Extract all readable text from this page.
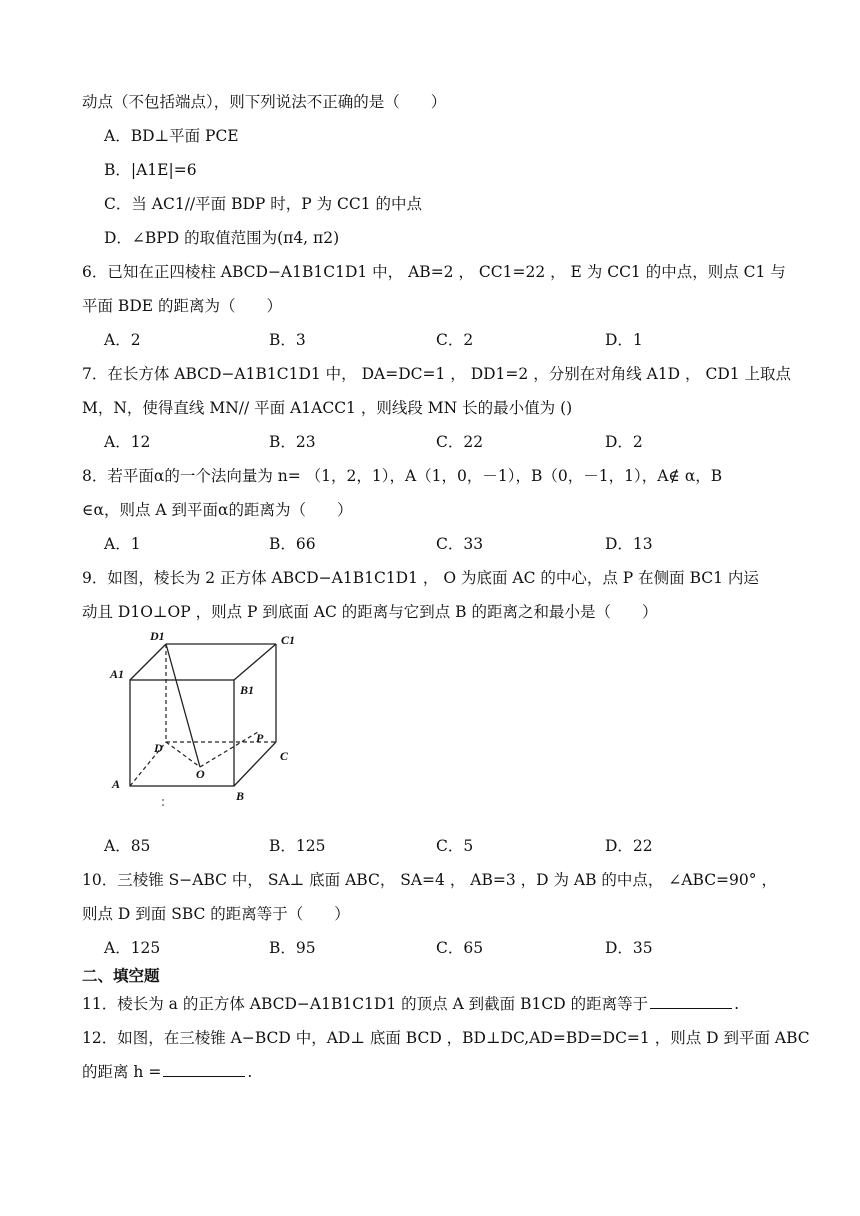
动点（不包括端点），则下列说法不正确的是（　　）
A．BD⊥平面 PCE
B．|A1E|=6
C．当 AC1//平面 BDP 时，P 为 CC1 的中点
D．∠BPD 的取值范围为(π4, π2)
6．已知在正四棱柱 ABCD−A1B1C1D1 中， AB=2 ， CC1=22 ， E 为 CC1 的中点，则点 C1 与
平面 BDE 的距离为（　　）
A．2	B．3	C．2	D．1
7．在长方体 ABCD−A1B1C1D1 中， DA=DC=1 ， DD1=2 ，分别在对角线 A1D ， CD1 上取点
M，N，使得直线 MN// 平面 A1ACC1 ，则线段 MN 长的最小值为 ()
A．12	B．23	C．22	D．2
8．若平面α的一个法向量为 n= （1，2，1），A（1，0，－1），B（0，－1，1），A∉ α，B
∈α，则点 A 到平面α的距离为（　　）
A．1	B．66	C．33	D．13
9．如图，棱长为 2 正方体 ABCD−A1B1C1D1 ， O 为底面 AC 的中心，点 P 在侧面 BC1 内运
动且 D1O⊥OP ，则点 P 到底面 AC 的距离与它到点 B 的距离之和最小是（　　）
D1	C1
A1
B1
D
P
C
O
A
B
A．85	B．125	C．5	D．22
10．三棱锥 S−ABC 中， SA⊥ 底面 ABC， SA=4 ， AB=3 ，D 为 AB 的中点， ∠ABC=90° ，
则点 D 到面 SBC 的距离等于（　　）
A．125	B．95	C．65	D．35
二、填空题
11．棱长为 a 的正方体 ABCD−A1B1C1D1 的顶点 A 到截面 B1CD 的距离等于	.
12．如图，在三棱锥 A−BCD 中，AD⊥ 底面 BCD ，BD⊥DC,AD=BD=DC=1 ，则点 D 到平面 ABC
的距离 h =	.
